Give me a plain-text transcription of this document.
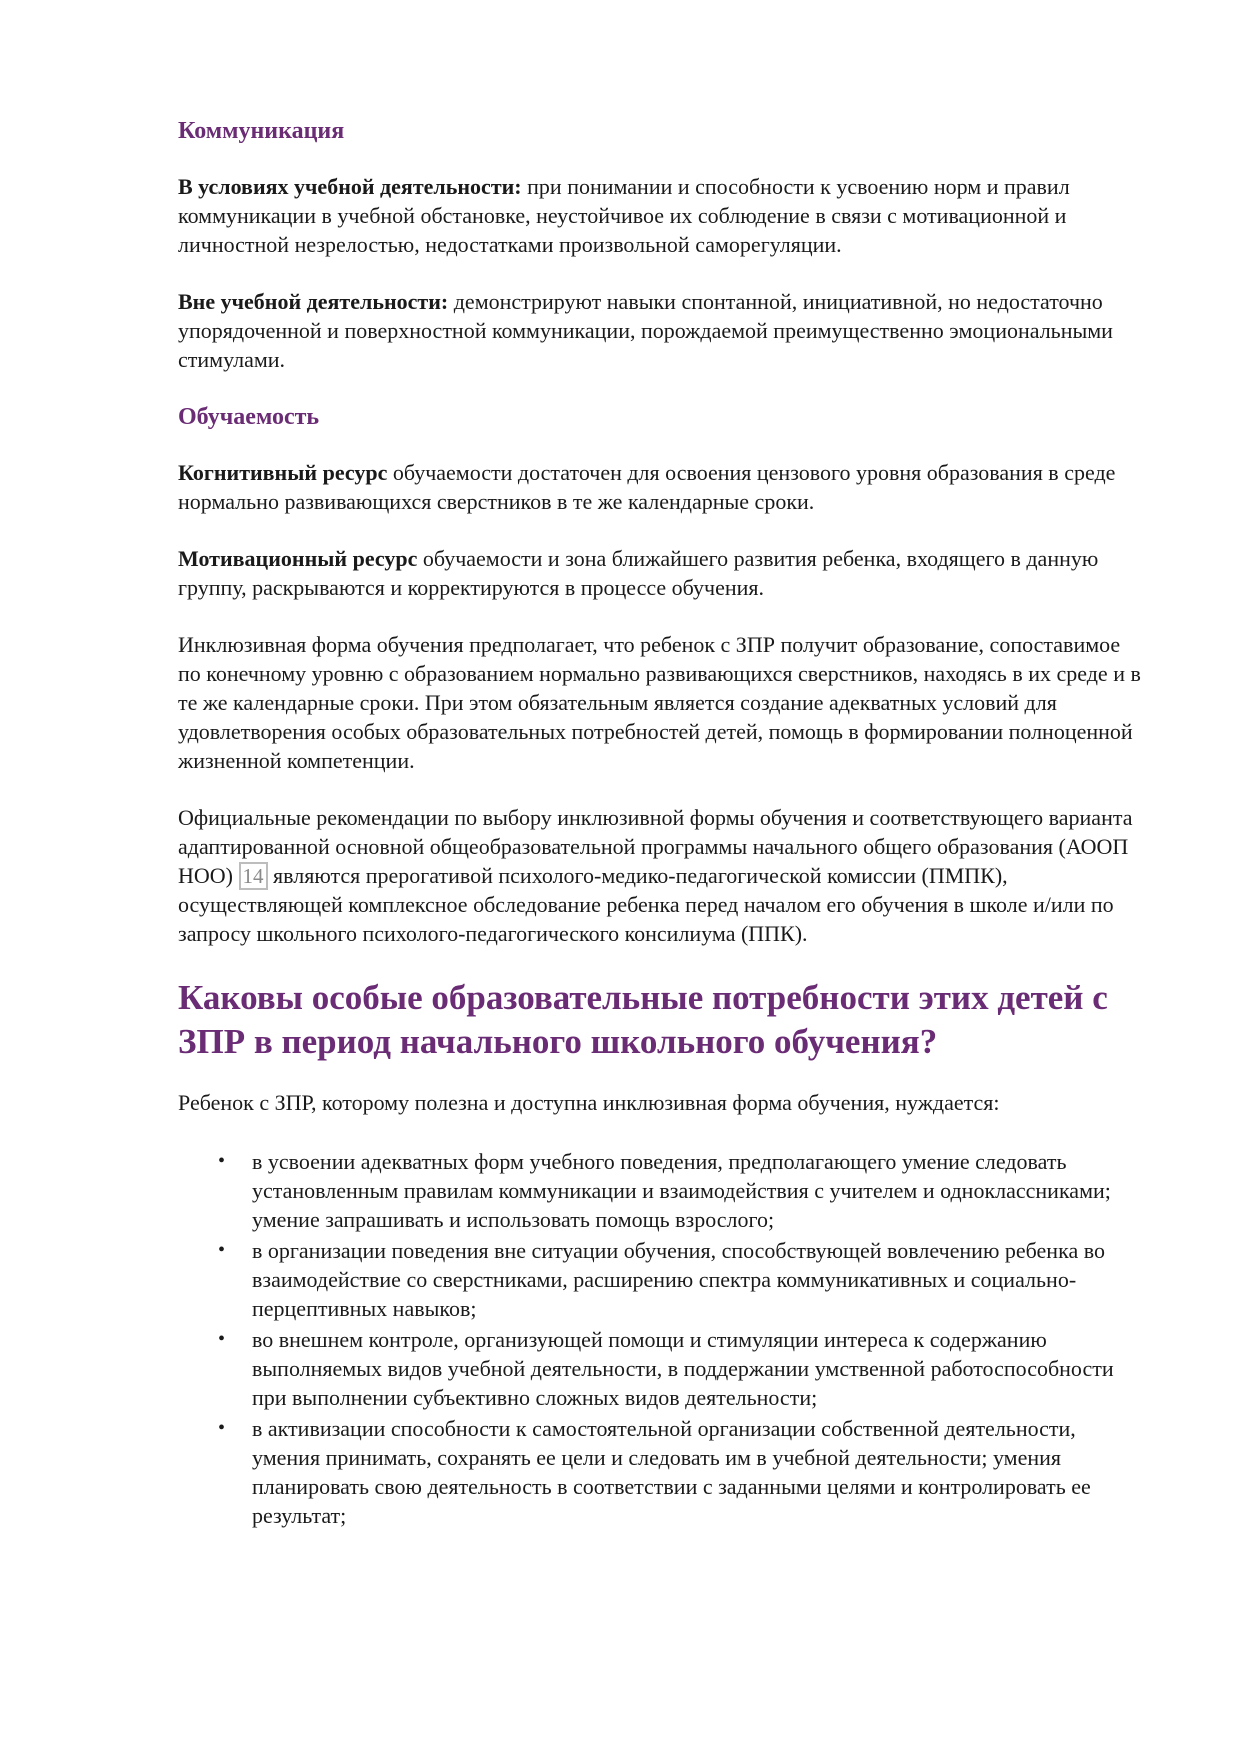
Коммуникация

В условиях учебной деятельности: при понимании и способности к усвоению норм и правил коммуникации в учебной обстановке, неустойчивое их соблюдение в связи с мотивационной и личностной незрелостью, недостатками произвольной саморегуляции.

Вне учебной деятельности: демонстрируют навыки спонтанной, инициативной, но недостаточно упорядоченной и поверхностной коммуникации, порождаемой преимущественно эмоциональными стимулами.

Обучаемость

Когнитивный ресурс обучаемости достаточен для освоения цензового уровня образования в среде нормально развивающихся сверстников в те же календарные сроки.

Мотивационный ресурс обучаемости и зона ближайшего развития ребенка, входящего в данную группу, раскрываются и корректируются в процессе обучения.

Инклюзивная форма обучения предполагает, что ребенок с ЗПР получит образование, сопоставимое по конечному уровню с образованием нормально развивающихся сверстников, находясь в их среде и в те же календарные сроки. При этом обязательным является создание адекватных условий для удовлетворения особых образовательных потребностей детей, помощь в формировании полноценной жизненной компетенции.

Официальные рекомендации по выбору инклюзивной формы обучения и соответствующего варианта адаптированной основной общеобразовательной программы начального общего образования (АООП НОО) 14 являются прерогативой психолого-медико-педагогической комиссии (ПМПК), осуществляющей комплексное обследование ребенка перед началом его обучения в школе и/или по запросу школьного психолого-педагогического консилиума (ППК).

Каковы особые образовательные потребности этих детей с ЗПР в период начального школьного обучения?

Ребенок с ЗПР, которому полезна и доступна инклюзивная форма обучения, нуждается:

• в усвоении адекватных форм учебного поведения, предполагающего умение следовать установленным правилам коммуникации и взаимодействия с учителем и одноклассниками; умение запрашивать и использовать помощь взрослого;
• в организации поведения вне ситуации обучения, способствующей вовлечению ребенка во взаимодействие со сверстниками, расширению спектра коммуникативных и социально-перцептивных навыков;
• во внешнем контроле, организующей помощи и стимуляции интереса к содержанию выполняемых видов учебной деятельности, в поддержании умственной работоспособности при выполнении субъективно сложных видов деятельности;
• в активизации способности к самостоятельной организации собственной деятельности, умения принимать, сохранять ее цели и следовать им в учебной деятельности; умения планировать свою деятельность в соответствии с заданными целями и контролировать ее результат;
